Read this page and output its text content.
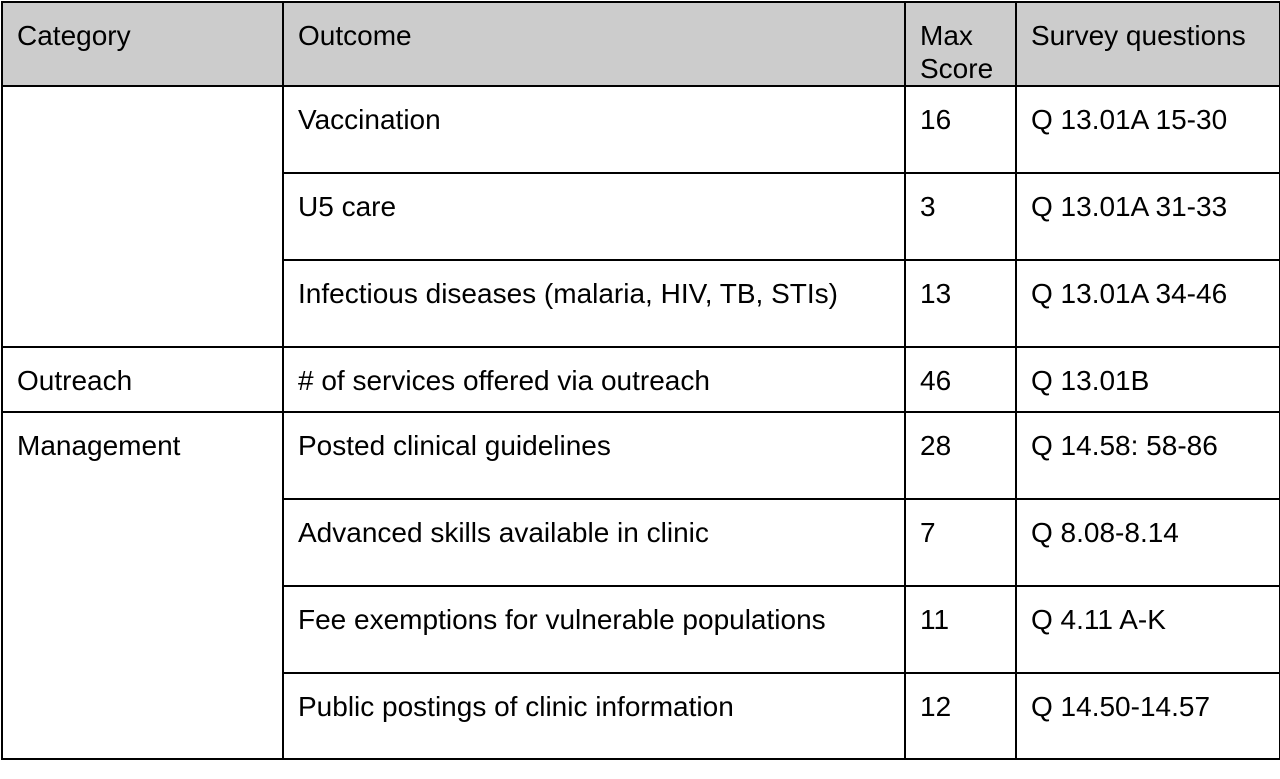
Category	Outcome	Max Score	Survey questions
	Vaccination	16	Q 13.01A 15-30
	U5 care	3	Q 13.01A 31-33
	Infectious diseases (malaria, HIV, TB, STIs)	13	Q 13.01A 34-46
Outreach	# of services offered via outreach	46	Q 13.01B
Management	Posted clinical guidelines	28	Q 14.58: 58-86
	Advanced skills available in clinic	7	Q 8.08-8.14
	Fee exemptions for vulnerable populations	11	Q 4.11 A-K
	Public postings of clinic information	12	Q 14.50-14.57
